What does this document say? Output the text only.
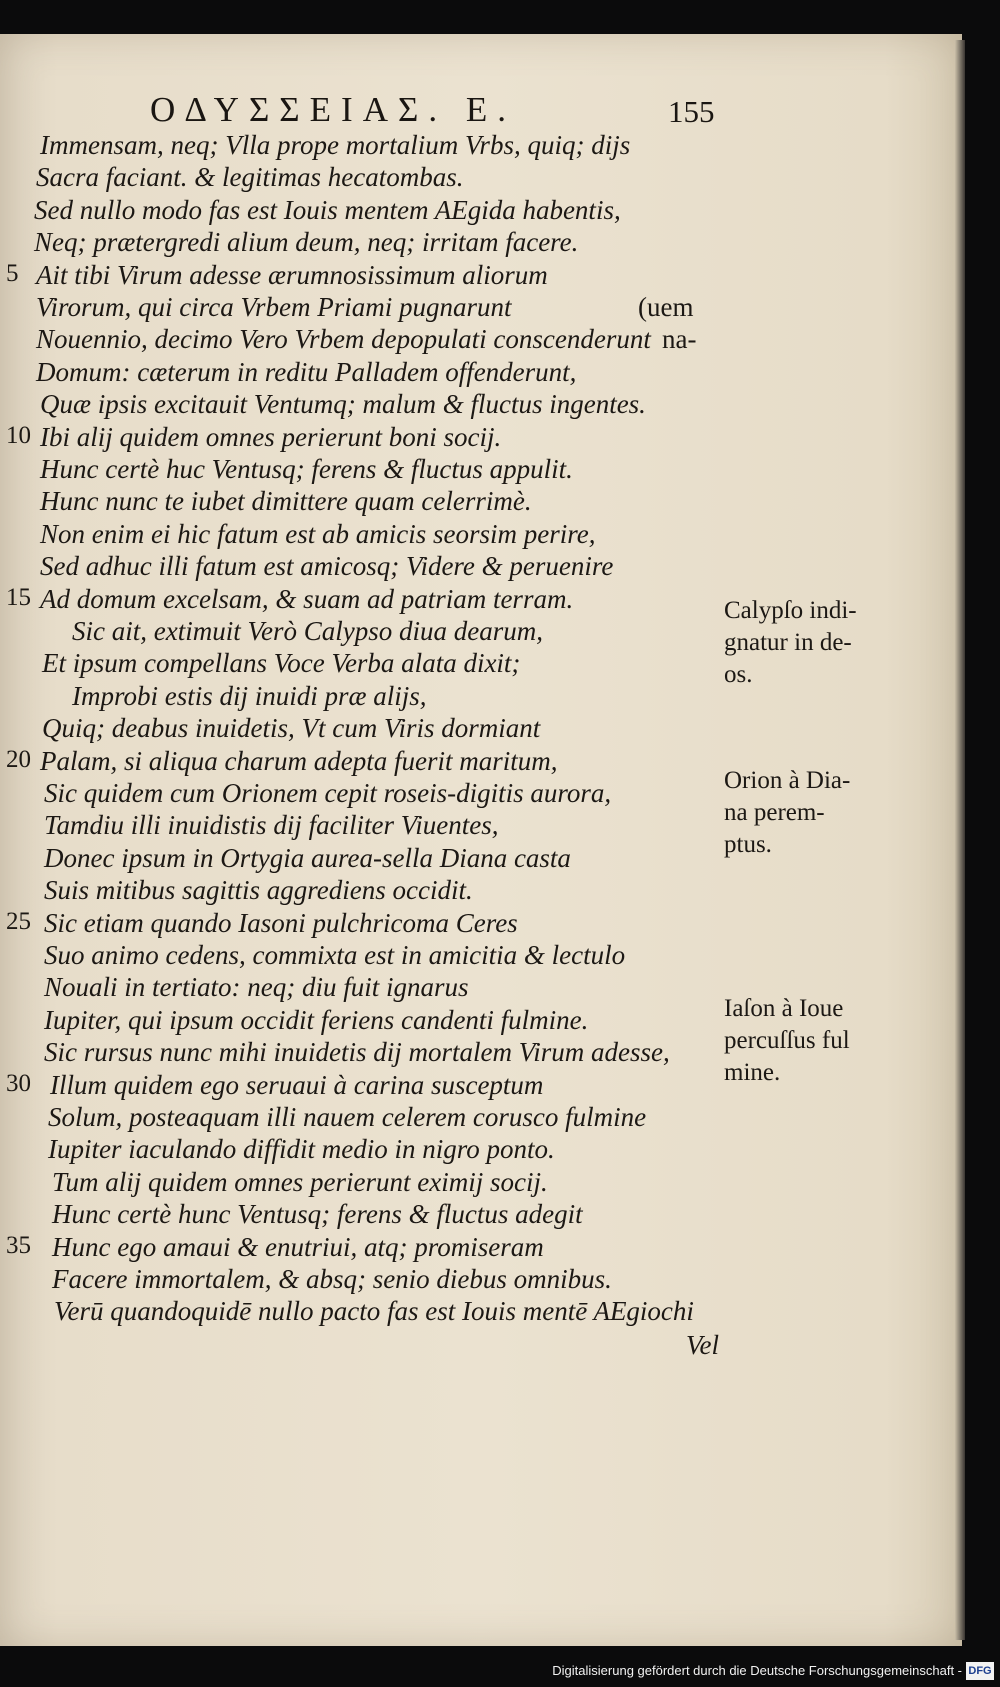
ΟΔΥΣΣΕΙΑΣ. Ε.	155
Immensam, neq; Vlla prope mortalium Vrbs, quiq; dijs
Sacra faciant. & legitimas hecatombas.
Sed nullo modo fas est Iouis mentem AEgida habentis,
Neq; prætergredi alium deum, neq; irritam facere.
5 Ait tibi Virum adesse ærumnosissimum aliorum
Virorum, qui circa Vrbem Priami pugnarunt	(uem
Nouennio, decimo Vero Vrbem depopulati conscenderunt na-
Domum: cæterum in reditu Palladem offenderunt,
Quæ ipsis excitauit Ventumq; malum & fluctus ingentes.
10 Ibi alij quidem omnes perierunt boni socij.
Hunc certè huc Ventusq; ferens & fluctus appulit.
Hunc nunc te iubet dimittere quam celerrimè.
Non enim ei hic fatum est ab amicis seorsim perire,
Sed adhuc illi fatum est amicosq; Videre & peruenire
15 Ad domum excelsam, & suam ad patriam terram.
Sic ait, extimuit Verò Calypso diua dearum,
Et ipsum compellans Voce Verba alata dixit;
Improbi estis dij inuidi præ alijs,
Quiq; deabus inuidetis, Vt cum Viris dormiant
20 Palam, si aliqua charum adepta fuerit maritum,
Sic quidem cum Orionem cepit roseis-digitis aurora,
Tamdiu illi inuidistis dij faciliter Viuentes,
Donec ipsum in Ortygia aurea-sella Diana casta
Suis mitibus sagittis aggrediens occidit.
25 Sic etiam quando Iasoni pulchricoma Ceres
Suo animo cedens, commixta est in amicitia & lectulo
Nouali in tertiato: neq; diu fuit ignarus
Iupiter, qui ipsum occidit feriens candenti fulmine.
Sic rursus nunc mihi inuidetis dij mortalem Virum adesse,
30 Illum quidem ego seruaui à carina susceptum
Solum, posteaquam illi nauem celerem corusco fulmine
Iupiter iaculando diffidit medio in nigro ponto.
Tum alij quidem omnes perierunt eximij socij.
Hunc certè hunc Ventusq; ferens & fluctus adegit
35 Hunc ego amaui & enutriui, atq; promiseram
Facere immortalem, & absq; senio diebus omnibus.
Verū quandoquidē nullo pacto fas est Iouis mentē AEgiochi
Calypſo indi-
gnatur in de-
os.
Orion à Dia-
na perem-
ptus.
Iaſon à Ioue
percuſſus ful
mine.
Vel
Digitalisierung gefördert durch die Deutsche Forschungsgemeinschaft - DFG
